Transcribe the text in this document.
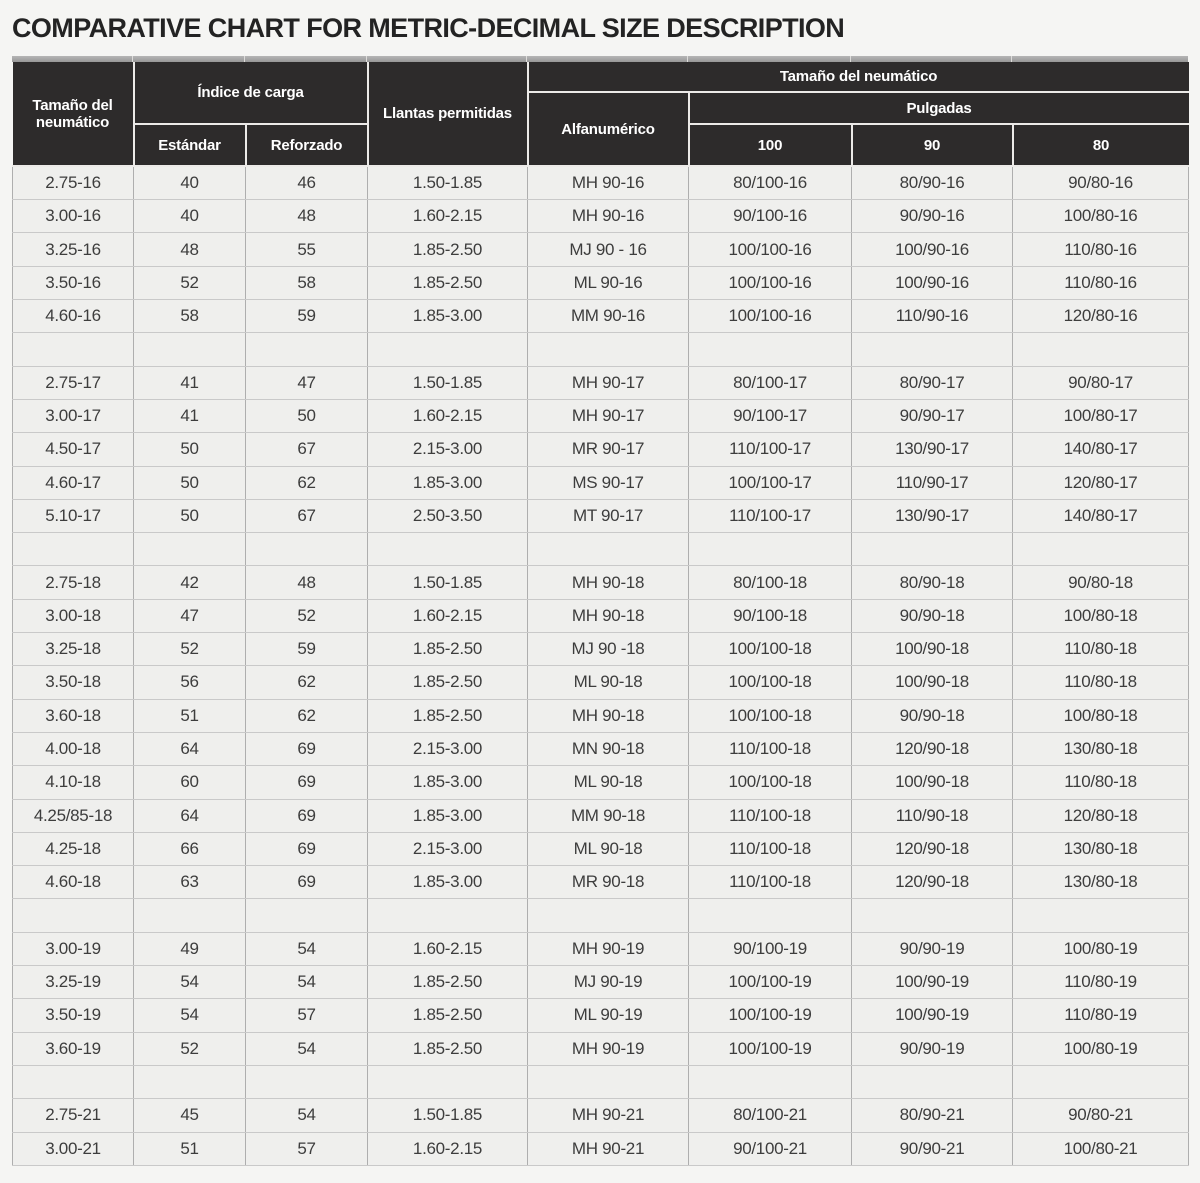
COMPARATIVE CHART FOR METRIC-DECIMAL SIZE DESCRIPTION
Tamaño del neumático	Índice de carga		Llantas permitidas	Tamaño del neumático			
				Alfanumérico	Pulgadas		
	Estándar	Reforzado			100	90	80
2.75-16	40	46	1.50-1.85	MH 90-16	80/100-16	80/90-16	90/80-16
3.00-16	40	48	1.60-2.15	MH 90-16	90/100-16	90/90-16	100/80-16
3.25-16	48	55	1.85-2.50	MJ 90 - 16	100/100-16	100/90-16	110/80-16
3.50-16	52	58	1.85-2.50	ML 90-16	100/100-16	100/90-16	110/80-16
4.60-16	58	59	1.85-3.00	MM 90-16	100/100-16	110/90-16	120/80-16

2.75-17	41	47	1.50-1.85	MH 90-17	80/100-17	80/90-17	90/80-17
3.00-17	41	50	1.60-2.15	MH 90-17	90/100-17	90/90-17	100/80-17
4.50-17	50	67	2.15-3.00	MR 90-17	110/100-17	130/90-17	140/80-17
4.60-17	50	62	1.85-3.00	MS 90-17	100/100-17	110/90-17	120/80-17
5.10-17	50	67	2.50-3.50	MT 90-17	110/100-17	130/90-17	140/80-17

2.75-18	42	48	1.50-1.85	MH 90-18	80/100-18	80/90-18	90/80-18
3.00-18	47	52	1.60-2.15	MH 90-18	90/100-18	90/90-18	100/80-18
3.25-18	52	59	1.85-2.50	MJ 90 -18	100/100-18	100/90-18	110/80-18
3.50-18	56	62	1.85-2.50	ML 90-18	100/100-18	100/90-18	110/80-18
3.60-18	51	62	1.85-2.50	MH 90-18	100/100-18	90/90-18	100/80-18
4.00-18	64	69	2.15-3.00	MN 90-18	110/100-18	120/90-18	130/80-18
4.10-18	60	69	1.85-3.00	ML 90-18	100/100-18	100/90-18	110/80-18
4.25/85-18	64	69	1.85-3.00	MM 90-18	110/100-18	110/90-18	120/80-18
4.25-18	66	69	2.15-3.00	ML 90-18	110/100-18	120/90-18	130/80-18
4.60-18	63	69	1.85-3.00	MR 90-18	110/100-18	120/90-18	130/80-18

3.00-19	49	54	1.60-2.15	MH 90-19	90/100-19	90/90-19	100/80-19
3.25-19	54	54	1.85-2.50	MJ 90-19	100/100-19	100/90-19	110/80-19
3.50-19	54	57	1.85-2.50	ML 90-19	100/100-19	100/90-19	110/80-19
3.60-19	52	54	1.85-2.50	MH 90-19	100/100-19	90/90-19	100/80-19

2.75-21	45	54	1.50-1.85	MH 90-21	80/100-21	80/90-21	90/80-21
3.00-21	51	57	1.60-2.15	MH 90-21	90/100-21	90/90-21	100/80-21
